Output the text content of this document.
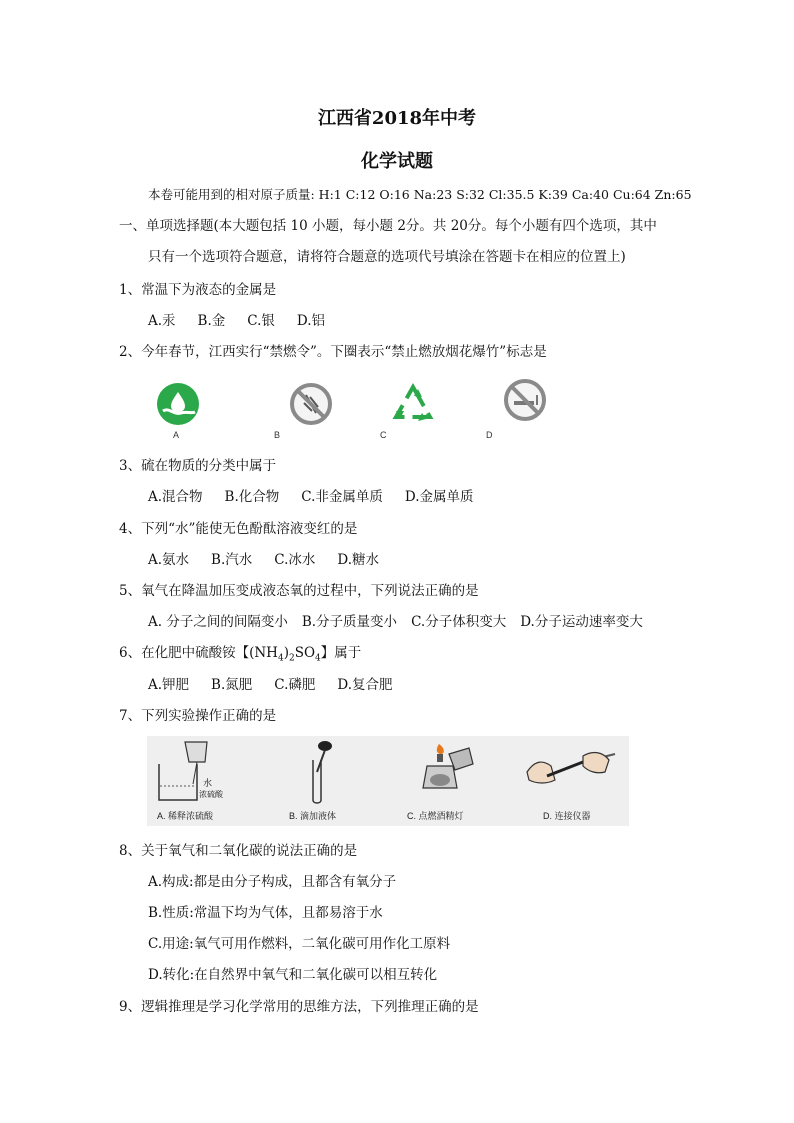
江西省2018年中考
化学试题
本卷可能用到的相对原子质量: H:1 C:12 O:16 Na:23 S:32 Cl:35.5 K:39 Ca:40 Cu:64 Zn:65
一、单项选择题(本大题包括 10 小题，每小题 2分。共 20分。每个小题有四个选项，其中
只有一个选项符合题意，请将符合题意的选项代号填涂在答题卡在相应的位置上)
1、常温下为液态的金属是
A.汞 B.金 C.银 D.铝
2、今年春节，江西实行“禁燃令”。下圈表示“禁止燃放烟花爆竹”标志是
A	B	C	D
3、硫在物质的分类中属于
A.混合物 B.化合物 C.非金属单质 D.金属单质
4、下列“水”能使无色酚酞溶液变红的是
A.氨水 B.汽水 C.冰水 D.糖水
5、氧气在降温加压变成液态氧的过程中，下列说法正确的是
A. 分子之间的间隔变小 B.分子质量变小 C.分子体积变大 D.分子运动速率变大
6、在化肥中硫酸铵【$(NH_4)_2SO_4$】属于
A.钾肥 B.氮肥 C.磷肥 D.复合肥
7、下列实验操作正确的是
水
浓硫酸
A. 稀释浓硫酸	B. 滴加液体	C. 点燃酒精灯	D. 连接仪器
8、关于氧气和二氧化碳的说法正确的是
A.构成:都是由分子构成，且都含有氧分子
B.性质:常温下均为气体，且都易溶于水
C.用途:氧气可用作燃料，二氧化碳可用作化工原料
D.转化:在自然界中氧气和二氧化碳可以相互转化
9、逻辑推理是学习化学常用的思维方法，下列推理正确的是
